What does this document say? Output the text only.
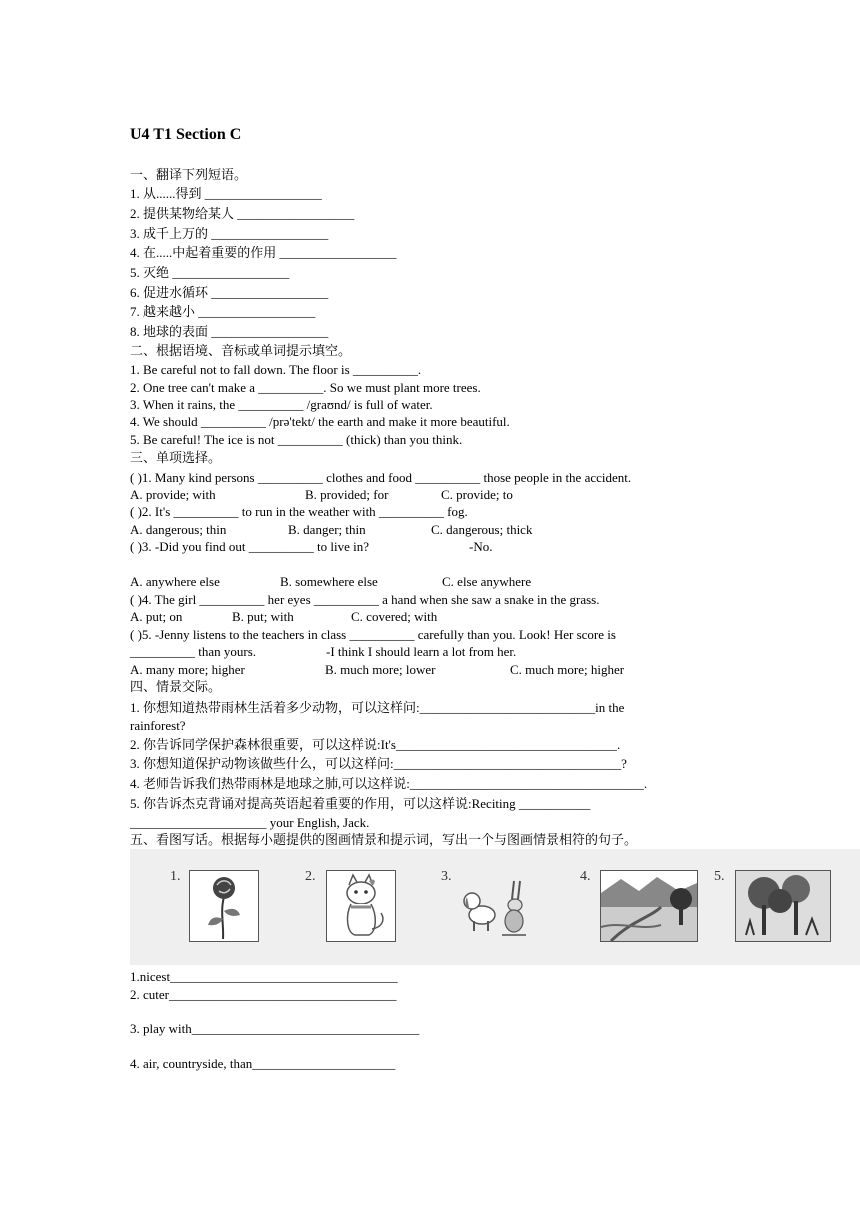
U4 T1 Section C
一、翻译下列短语。
1. 从......得到 __________________
2. 提供某物给某人 __________________
3. 成千上万的 __________________
4. 在.....中起着重要的作用 __________________
5. 灭绝 __________________
6. 促进水循环 __________________
7. 越来越小 __________________
8. 地球的表面 __________________
二、根据语境、音标或单词提示填空。
1. Be careful not to fall down. The floor is __________.
2. One tree can't make a __________. So we must plant more trees.
3. When it rains, the __________ /graʊnd/ is full of water.
4. We should __________ /prə'tekt/ the earth and make it more beautiful.
5. Be careful! The ice is not __________ (thick) than you think.
三、单项选择。
( )1. Many kind persons __________ clothes and food __________ those people in the accident.
A. provide; with	B. provided; for	C. provide; to
( )2. It's __________ to run in the weather with __________ fog.
A. dangerous; thin	B. danger; thin	C. dangerous; thick
( )3. -Did you find out __________ to live in?	-No.
A. anywhere else	B. somewhere else	C. else anywhere
( )4. The girl __________ her eyes __________ a hand when she saw a snake in the grass.
A. put; on	B. put; with	C. covered; with
( )5. -Jenny listens to the teachers in class __________ carefully than you. Look! Her score is
__________ than yours.	-I think I should learn a lot from her.
A. many more; higher	B. much more; lower	C. much more; higher
四、情景交际。
1. 你想知道热带雨林生活着多少动物，可以这样问:___________________________in the
rainforest?
2. 你告诉同学保护森林很重要，可以这样说:It's__________________________________.
3. 你想知道保护动物该做些什么，可以这样问:___________________________________?
4. 老师告诉我们热带雨林是地球之肺,可以这样说:____________________________________.
5. 你告诉杰克背诵对提高英语起着重要的作用，可以这样说:Reciting ___________
_____________________ your English, Jack.
五、看图写话。根据每小题提供的图画情景和提示词，写出一个与图画情景相符的句子。
1.	2.	3.	4.	5.
1.nicest___________________________________
2. cuter___________________________________
3. play with___________________________________
4. air, countryside, than______________________
